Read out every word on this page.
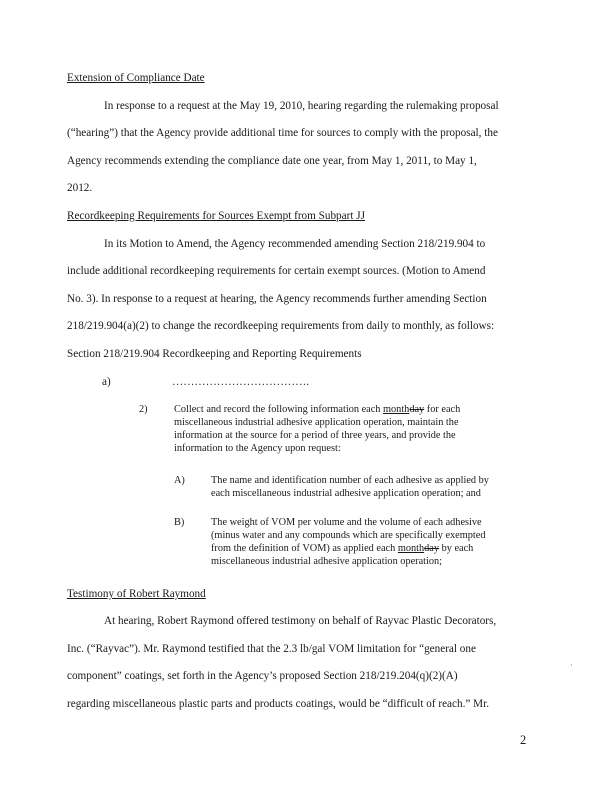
Extension of Compliance Date
In response to a request at the May 19, 2010, hearing regarding the rulemaking proposal
(“hearing”) that the Agency provide additional time for sources to comply with the proposal, the
Agency recommends extending the compliance date one year, from May 1, 2011, to May 1,
2012.
Recordkeeping Requirements for Sources Exempt from Subpart JJ
In its Motion to Amend, the Agency recommended amending Section 218/219.904 to
include additional recordkeeping requirements for certain exempt sources. (Motion to Amend
No. 3). In response to a request at hearing, the Agency recommends further amending Section
218/219.904(a)(2) to change the recordkeeping requirements from daily to monthly, as follows:
Section 218/219.904 Recordkeeping and Reporting Requirements
a)	……………………………….
2)	Collect and record the following information each monthday for each
miscellaneous industrial adhesive application operation, maintain the
information at the source for a period of three years, and provide the
information to the Agency upon request:
A)	The name and identification number of each adhesive as applied by
each miscellaneous industrial adhesive application operation; and
B)	The weight of VOM per volume and the volume of each adhesive
(minus water and any compounds which are specifically exempted
from the definition of VOM) as applied each monthday by each
miscellaneous industrial adhesive application operation;
Testimony of Robert Raymond
At hearing, Robert Raymond offered testimony on behalf of Rayvac Plastic Decorators,
Inc. (“Rayvac”). Mr. Raymond testified that the 2.3 lb/gal VOM limitation for “general one
component” coatings, set forth in the Agency’s proposed Section 218/219.204(q)(2)(A)
regarding miscellaneous plastic parts and products coatings, would be “difficult of reach.” Mr.
·
2
